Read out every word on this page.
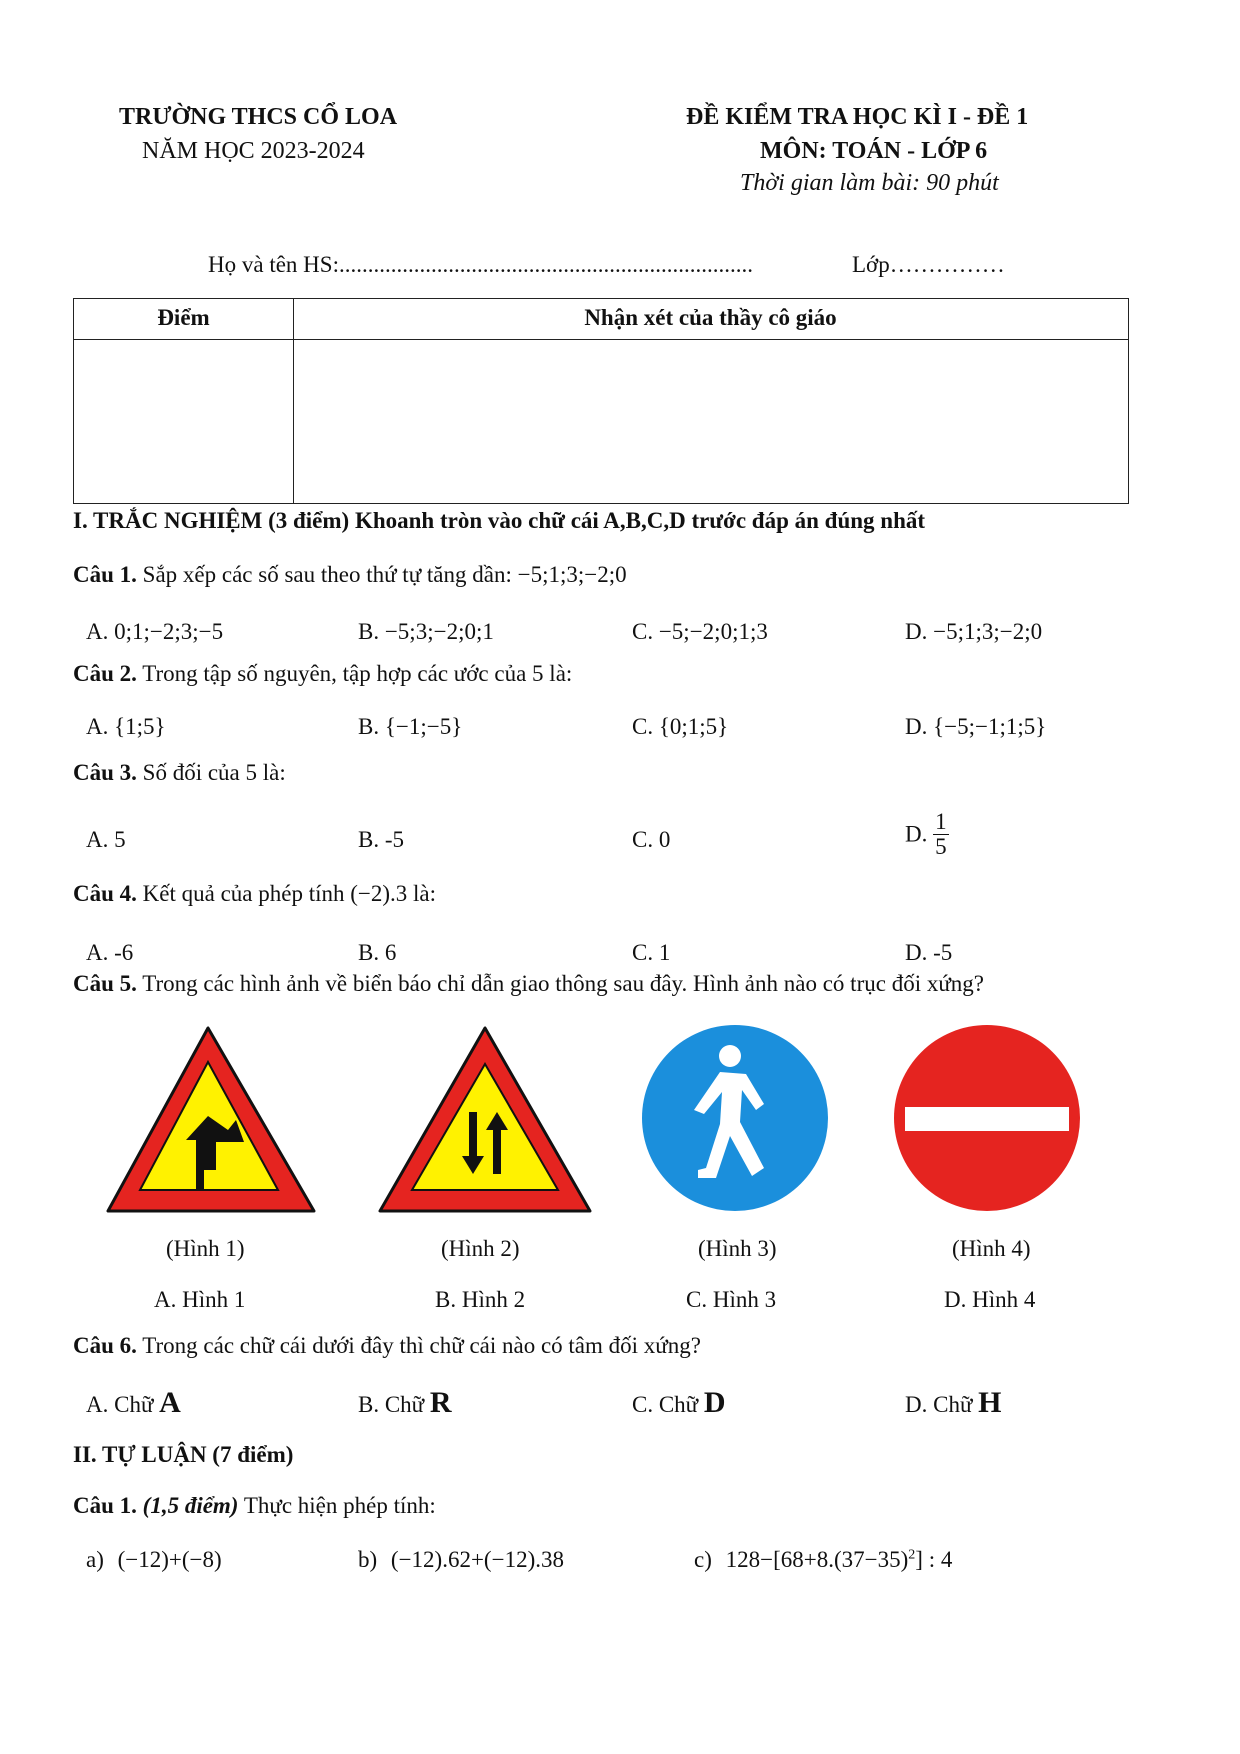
TRƯỜNG THCS CỔ LOA
NĂM HỌC 2023-2024
ĐỀ KIỂM TRA HỌC KÌ I - ĐỀ 1
MÔN: TOÁN - LỚP 6
Thời gian làm bài: 90 phút
Họ và tên HS:........................................................................	Lớp……………
Điểm	Nhận xét của thầy cô giáo
I. TRẮC NGHIỆM (3 điểm) Khoanh tròn vào chữ cái A,B,C,D trước đáp án đúng nhất
Câu 1. Sắp xếp các số sau theo thứ tự tăng dần: −5;1;3;−2;0
A. 0;1;−2;3;−5	B. −5;3;−2;0;1	C. −5;−2;0;1;3	D. −5;1;3;−2;0
Câu 2. Trong tập số nguyên, tập hợp các ước của 5 là:
A. {1;5}	B. {−1;−5}	C. {0;1;5}	D. {−5;−1;1;5}
Câu 3. Số đối của 5 là:
A. 5	B. -5	C. 0	D. $\frac{1}{5}$
Câu 4. Kết quả của phép tính (−2).3 là:
A. -6	B. 6	C. 1	D. -5
Câu 5. Trong các hình ảnh về biển báo chỉ dẫn giao thông sau đây. Hình ảnh nào có trục đối xứng?
(Hình 1)	(Hình 2)	(Hình 3)	(Hình 4)
A. Hình 1	B. Hình 2	C. Hình 3	D. Hình 4
Câu 6. Trong các chữ cái dưới đây thì chữ cái nào có tâm đối xứng?
A. Chữ A	B. Chữ R	C. Chữ D	D. Chữ H
II. TỰ LUẬN (7 điểm)
Câu 1. (1,5 điểm) Thực hiện phép tính:
a) (−12)+(−8)	b) (−12).62+(−12).38	c) $128-[68+8.(37-35)^2]$ : 4
